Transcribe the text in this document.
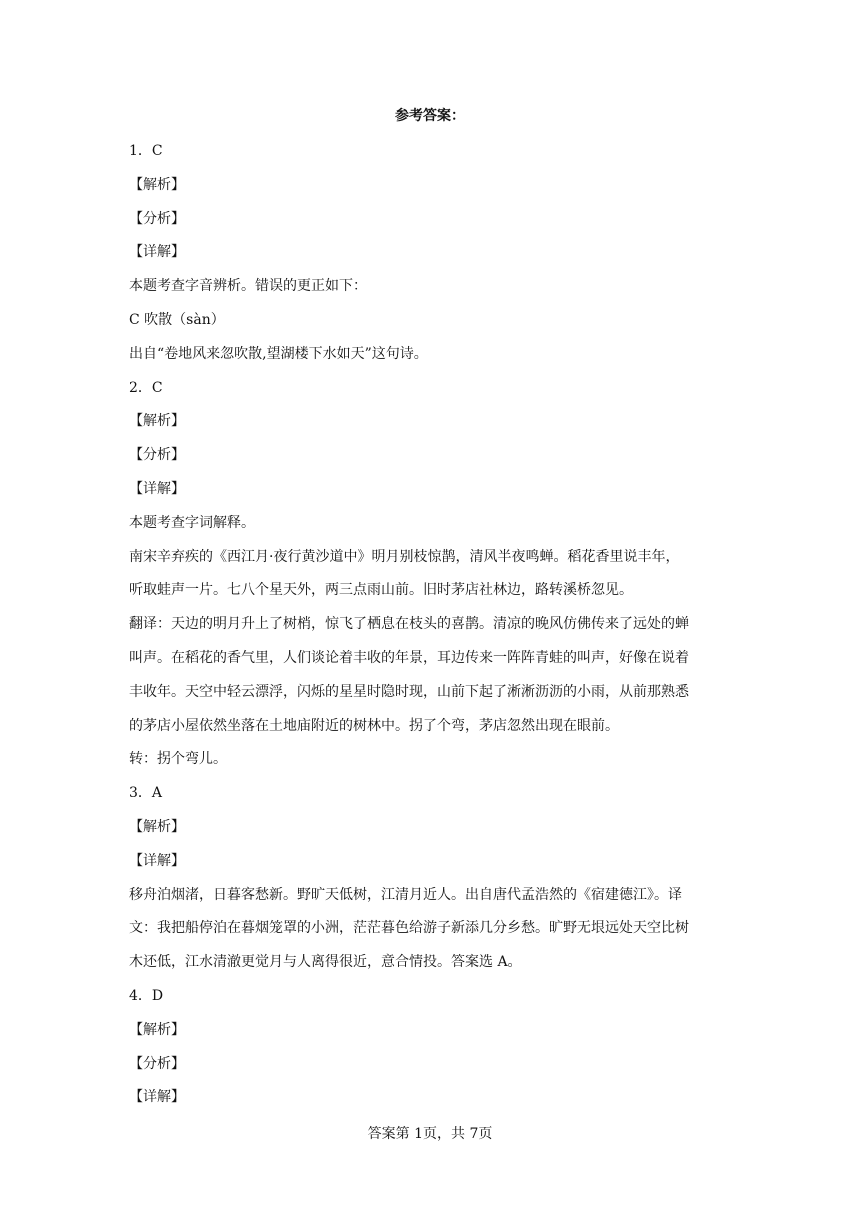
参考答案：
1．C
【解析】
【分析】
【详解】
本题考查字音辨析。错误的更正如下：
C 吹散（sàn）
出自“卷地风来忽吹散,望湖楼下水如天”这句诗。
2．C
【解析】
【分析】
【详解】
本题考查字词解释。
南宋辛弃疾的《西江月·夜行黄沙道中》明月别枝惊鹊，清风半夜鸣蝉。稻花香里说丰年，
听取蛙声一片。七八个星天外，两三点雨山前。旧时茅店社林边，路转溪桥忽见。
翻译：天边的明月升上了树梢，惊飞了栖息在枝头的喜鹊。清凉的晚风仿佛传来了远处的蝉
叫声。在稻花的香气里，人们谈论着丰收的年景，耳边传来一阵阵青蛙的叫声，好像在说着
丰收年。天空中轻云漂浮，闪烁的星星时隐时现，山前下起了淅淅沥沥的小雨，从前那熟悉
的茅店小屋依然坐落在土地庙附近的树林中。拐了个弯，茅店忽然出现在眼前。
转：拐个弯儿。
3．A
【解析】
【详解】
移舟泊烟渚，日暮客愁新。野旷天低树，江清月近人。出自唐代孟浩然的《宿建德江》。译
文：我把船停泊在暮烟笼罩的小洲，茫茫暮色给游子新添几分乡愁。旷野无垠远处天空比树
木还低，江水清澈更觉月与人离得很近，意合情投。答案选 A。
4．D
【解析】
【分析】
【详解】
答案第 1页，共 7页
